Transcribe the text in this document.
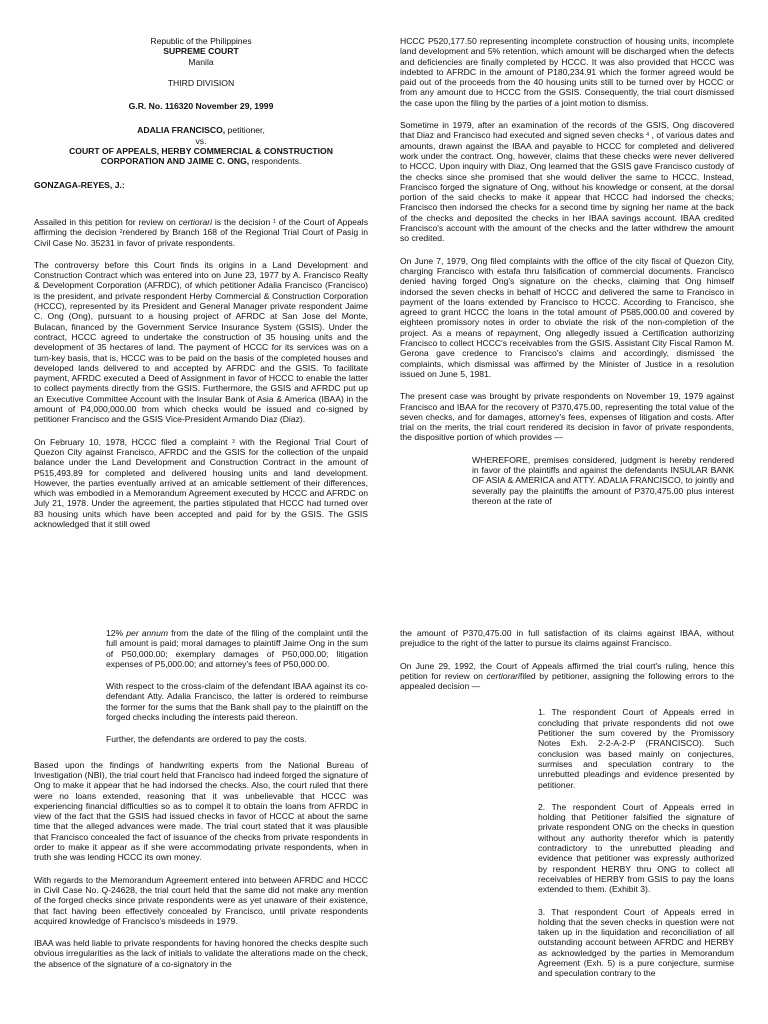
Republic of the Philippines

SUPREME COURT

Manila

THIRD DIVISION

G.R. No. 116320 November 29, 1999

ADALIA FRANCISCO, petitioner,

vs.

COURT OF APPEALS, HERBY COMMERCIAL & CONSTRUCTION CORPORATION AND JAIME C. ONG, respondents.

GONZAGA-REYES, J.:

Assailed in this petition for review on certiorari is the decision $^1$ of the Court of Appeals affirming the decision $^2$rendered by Branch 168 of the Regional Trial Court of Pasig in Civil Case No. 35231 in favor of private respondents.

The controversy before this Court finds its origins in a Land Development and Construction Contract which was entered into on June 23, 1977 by A. Francisco Realty & Development Corporation (AFRDC), of which petitioner Adalia Francisco (Francisco) is the president, and private respondent Herby Commercial & Construction Corporation (HCCC), represented by its President and General Manager private respondent Jaime C. Ong (Ong), pursuant to a housing project of AFRDC at San Jose del Monte, Bulacan, financed by the Government Service Insurance System (GSIS). Under the contract, HCCC agreed to undertake the construction of 35 housing units and the development of 35 hectares of land. The payment of HCCC for its services was on a turn-key basis, that is, HCCC was to be paid on the basis of the completed houses and developed lands delivered to and accepted by AFRDC and the GSIS. To facilitate payment, AFRDC executed a Deed of Assignment in favor of HCCC to enable the latter to collect payments directly from the GSIS. Furthermore, the GSIS and AFRDC put up an Executive Committee Account with the Insular Bank of Asia & America (IBAA) in the amount of P4,000,000.00 from which checks would be issued and co-signed by petitioner Francisco and the GSIS Vice-President Armando Diaz (Diaz).

On February 10, 1978, HCCC filed a complaint $^3$ with the Regional Trial Court of Quezon City against Francisco, AFRDC and the GSIS for the collection of the unpaid balance under the Land Development and Construction Contract in the amount of P515,493.89 for completed and delivered housing units and land development. However, the parties eventually arrived at an amicable settlement of their differences, which was embodied in a Memorandum Agreement executed by HCCC and AFRDC on July 21, 1978. Under the agreement, the parties stipulated that HCCC had turned over 83 housing units which have been accepted and paid for by the GSIS. The GSIS acknowledged that it still owed

HCCC P520,177.50 representing incomplete construction of housing units, incomplete land development and 5% retention, which amount will be discharged when the defects and deficiencies are finally completed by HCCC. It was also provided that HCCC was indebted to AFRDC in the amount of P180,234.91 which the former agreed would be paid out of the proceeds from the 40 housing units still to be turned over by HCCC or from any amount due to HCCC from the GSIS. Consequently, the trial court dismissed the case upon the filing by the parties of a joint motion to dismiss.

Sometime in 1979, after an examination of the records of the GSIS, Ong discovered that Diaz and Francisco had executed and signed seven checks $^4$ , of various dates and amounts, drawn against the IBAA and payable to HCCC for completed and delivered work under the contract. Ong, however, claims that these checks were never delivered to HCCC. Upon inquiry with Diaz, Ong learned that the GSIS gave Francisco custody of the checks since she promised that she would deliver the same to HCCC. Instead, Francisco forged the signature of Ong, without his knowledge or consent, at the dorsal portion of the said checks to make it appear that HCCC had indorsed the checks; Francisco then indorsed the checks for a second time by signing her name at the back of the checks and deposited the checks in her IBAA savings account. IBAA credited Francisco's account with the amount of the checks and the latter withdrew the amount so credited.

On June 7, 1979, Ong filed complaints with the office of the city fiscal of Quezon City, charging Francisco with estafa thru falsification of commercial documents. Francisco denied having forged Ong's signature on the checks, claiming that Ong himself indorsed the seven checks in behalf of HCCC and delivered the same to Francisco in payment of the loans extended by Francisco to HCCC. According to Francisco, she agreed to grant HCCC the loans in the total amount of P585,000.00 and covered by eighteen promissory notes in order to obviate the risk of the non-completion of the project. As a means of repayment, Ong allegedly issued a Certification authorizing Francisco to collect HCCC's receivables from the GSIS. Assistant City Fiscal Ramon M. Gerona gave credence to Francisco's claims and accordingly, dismissed the complaints, which dismissal was affirmed by the Minister of Justice in a resolution issued on June 5, 1981.

The present case was brought by private respondents on November 19, 1979 against Francisco and IBAA for the recovery of P370,475.00, representing the total value of the seven checks, and for damages, attorney's fees, expenses of litigation and costs. After trial on the merits, the trial court rendered its decision in favor of private respondents, the dispositive portion of which provides —

WHEREFORE, premises considered, judgment is hereby rendered in favor of the plaintiffs and against the defendants INSULAR BANK OF ASIA & AMERICA and ATTY. ADALIA FRANCISCO, to jointly and severally pay the plaintiffs the amount of P370,475.00 plus interest thereon at the rate of

12% per annum from the date of the filing of the complaint until the full amount is paid; moral damages to plaintiff Jaime Ong in the sum of P50,000.00; exemplary damages of P50,000.00; litigation expenses of P5,000.00; and attorney's fees of P50,000.00.

With respect to the cross-claim of the defendant IBAA against its co-defendant Atty. Adalia Francisco, the latter is ordered to reimburse the former for the sums that the Bank shall pay to the plaintiff on the forged checks including the interests paid thereon.

Further, the defendants are ordered to pay the costs.

Based upon the findings of handwriting experts from the National Bureau of Investigation (NBI), the trial court held that Francisco had indeed forged the signature of Ong to make it appear that he had indorsed the checks. Also, the court ruled that there were no loans extended, reasoning that it was unbelievable that HCCC was experiencing financial difficulties so as to compel it to obtain the loans from AFRDC in view of the fact that the GSIS had issued checks in favor of HCCC at about the same time that the alleged advances were made. The trial court stated that it was plausible that Francisco concealed the fact of issuance of the checks from private respondents in order to make it appear as if she were accommodating private respondents, when in truth she was lending HCCC its own money.

With regards to the Memorandum Agreement entered into between AFRDC and HCCC in Civil Case No. Q-24628, the trial court held that the same did not make any mention of the forged checks since private respondents were as yet unaware of their existence, that fact having been effectively concealed by Francisco, until private respondents acquired knowledge of Francisco's misdeeds in 1979.

IBAA was held liable to private respondents for having honored the checks despite such obvious irregularities as the lack of initials to validate the alterations made on the check, the absence of the signature of a co-signatory in the

the amount of P370,475.00 in full satisfaction of its claims against IBAA, without prejudice to the right of the latter to pursue its claims against Francisco.

On June 29, 1992, the Court of Appeals affirmed the trial court's ruling, hence this petition for review on certiorarifiled by petitioner, assigning the following errors to the appealed decision —

1. The respondent Court of Appeals erred in concluding that private respondents did not owe Petitioner the sum covered by the Promissory Notes Exh. 2-2-A-2-P (FRANCISCO). Such conclusion was based mainly on conjectures, surmises and speculation contrary to the unrebutted pleadings and evidence presented by petitioner.

2. The respondent Court of Appeals erred in holding that Petitioner falsified the signature of private respondent ONG on the checks in question without any authority therefor which is patently contradictory to the unrebutted pleading and evidence that petitioner was expressly authorized by respondent HERBY thru ONG to collect all receivables of HERBY from GSIS to pay the loans extended to them. (Exhibit 3).

3. That respondent Court of Appeals erred in holding that the seven checks in question were not taken up in the liquidation and reconciliation of all outstanding account between AFRDC and HERBY as acknowledged by the parties in Memorandum Agreement (Exh. 5) is a pure conjecture, surmise and speculation contrary to the
